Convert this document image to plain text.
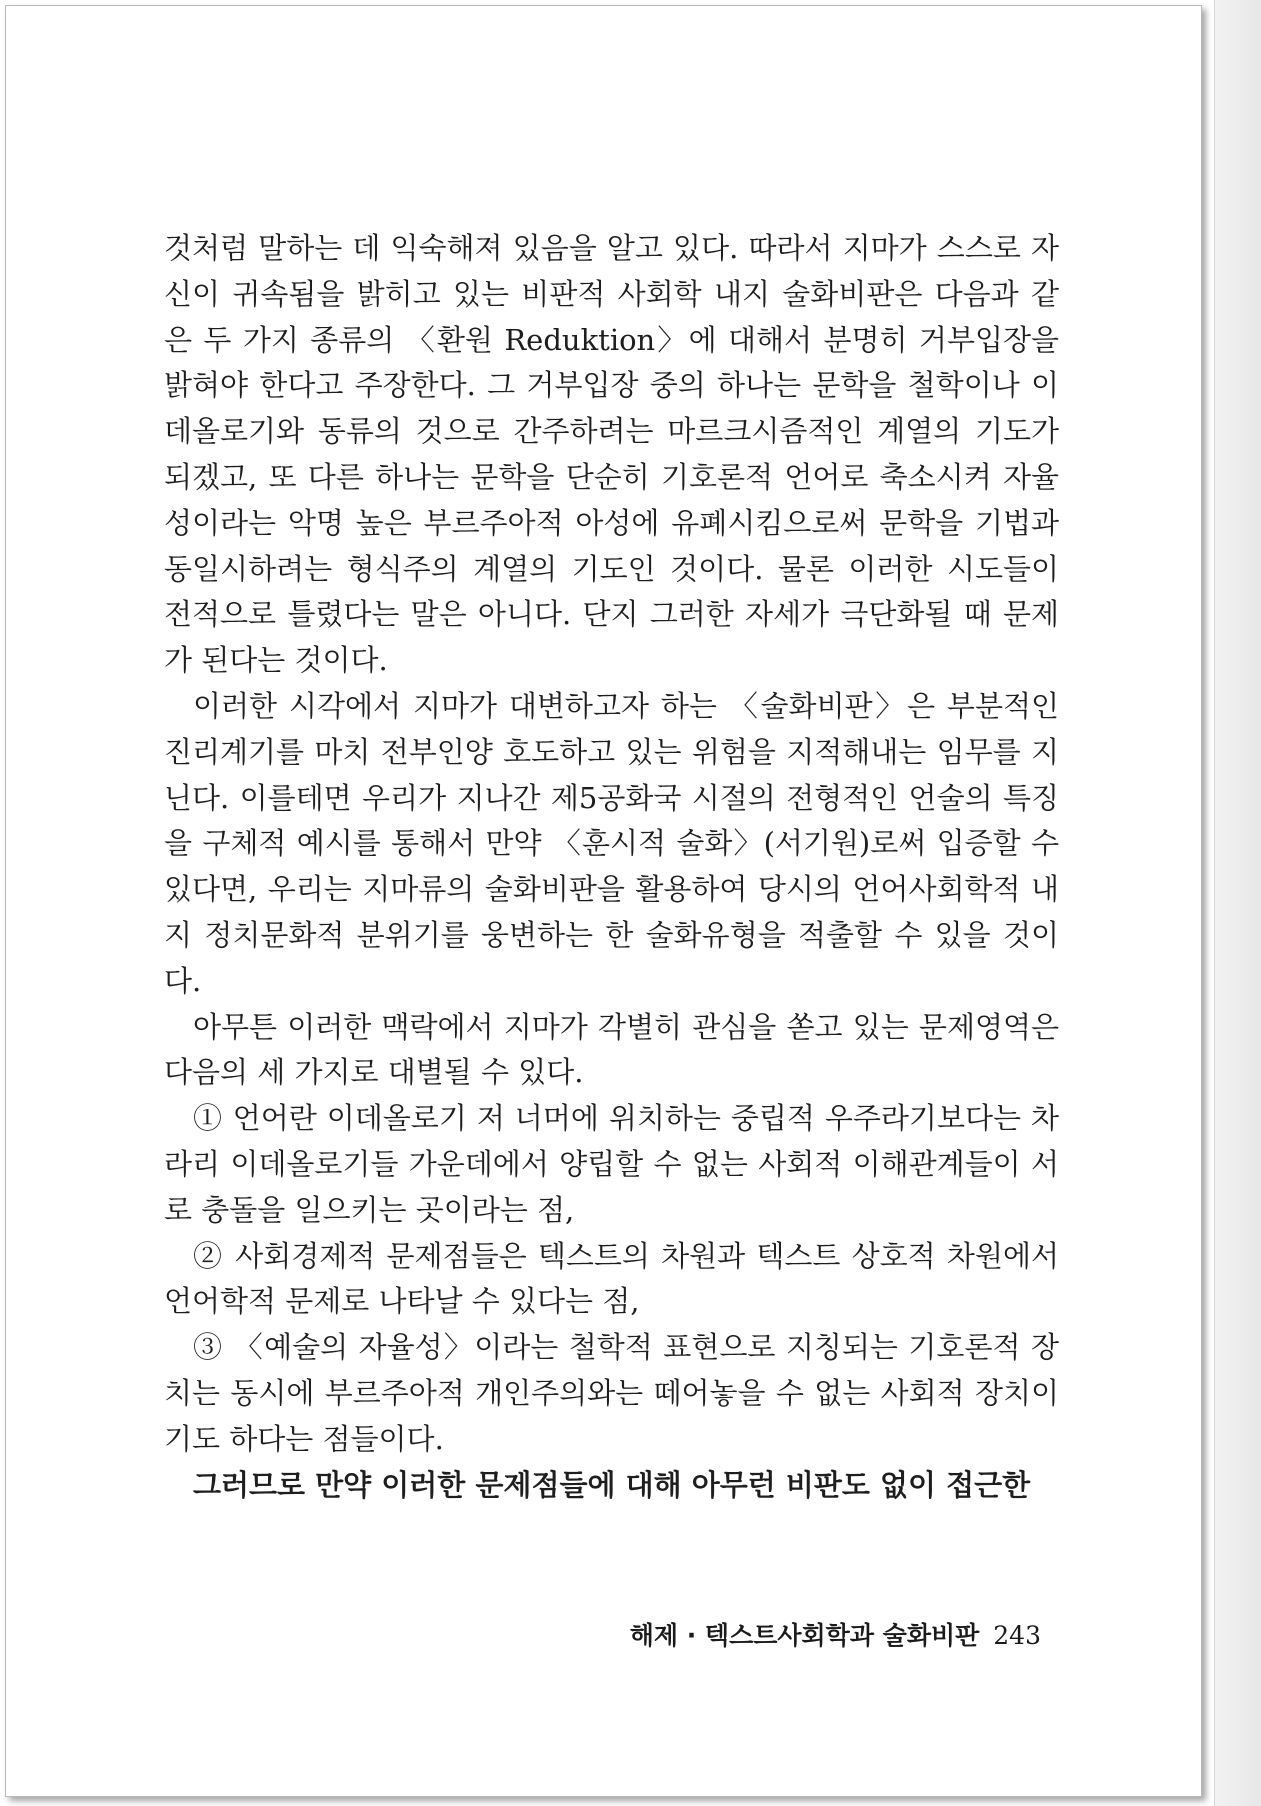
것처럼 말하는 데 익숙해져 있음을 알고 있다. 따라서 지마가 스스로 자신이 귀속됨을 밝히고 있는 비판적 사회학 내지 술화비판은 다음과 같은 두 가지 종류의 〈환원 Reduktion〉에 대해서 분명히 거부입장을 밝혀야 한다고 주장한다. 그 거부입장 중의 하나는 문학을 철학이나 이데올로기와 동류의 것으로 간주하려는 마르크시즘적인 계열의 기도가 되겠고, 또 다른 하나는 문학을 단순히 기호론적 언어로 축소시켜 자율성이라는 악명 높은 부르주아적 아성에 유폐시킴으로써 문학을 기법과 동일시하려는 형식주의 계열의 기도인 것이다. 물론 이러한 시도들이 전적으로 틀렸다는 말은 아니다. 단지 그러한 자세가 극단화될 때 문제가 된다는 것이다.

이러한 시각에서 지마가 대변하고자 하는 〈술화비판〉은 부분적인 진리계기를 마치 전부인양 호도하고 있는 위험을 지적해내는 임무를 지닌다. 이를테면 우리가 지나간 제5공화국 시절의 전형적인 언술의 특징을 구체적 예시를 통해서 만약 〈훈시적 술화〉(서기원)로써 입증할 수 있다면, 우리는 지마류의 술화비판을 활용하여 당시의 언어사회학적 내지 정치문화적 분위기를 웅변하는 한 술화유형을 적출할 수 있을 것이다.

아무튼 이러한 맥락에서 지마가 각별히 관심을 쏟고 있는 문제영역은 다음의 세 가지로 대별될 수 있다.

① 언어란 이데올로기 저 너머에 위치하는 중립적 우주라기보다는 차라리 이데올로기들 가운데에서 양립할 수 없는 사회적 이해관계들이 서로 충돌을 일으키는 곳이라는 점,

② 사회경제적 문제점들은 텍스트의 차원과 텍스트 상호적 차원에서 언어학적 문제로 나타날 수 있다는 점,

③ 〈예술의 자율성〉이라는 철학적 표현으로 지칭되는 기호론적 장치는 동시에 부르주아적 개인주의와는 떼어놓을 수 없는 사회적 장치이기도 하다는 점들이다.

그러므로 만약 이러한 문제점들에 대해 아무런 비판도 없이 접근한

해제 · 텍스트사회학과 술화비판 243
